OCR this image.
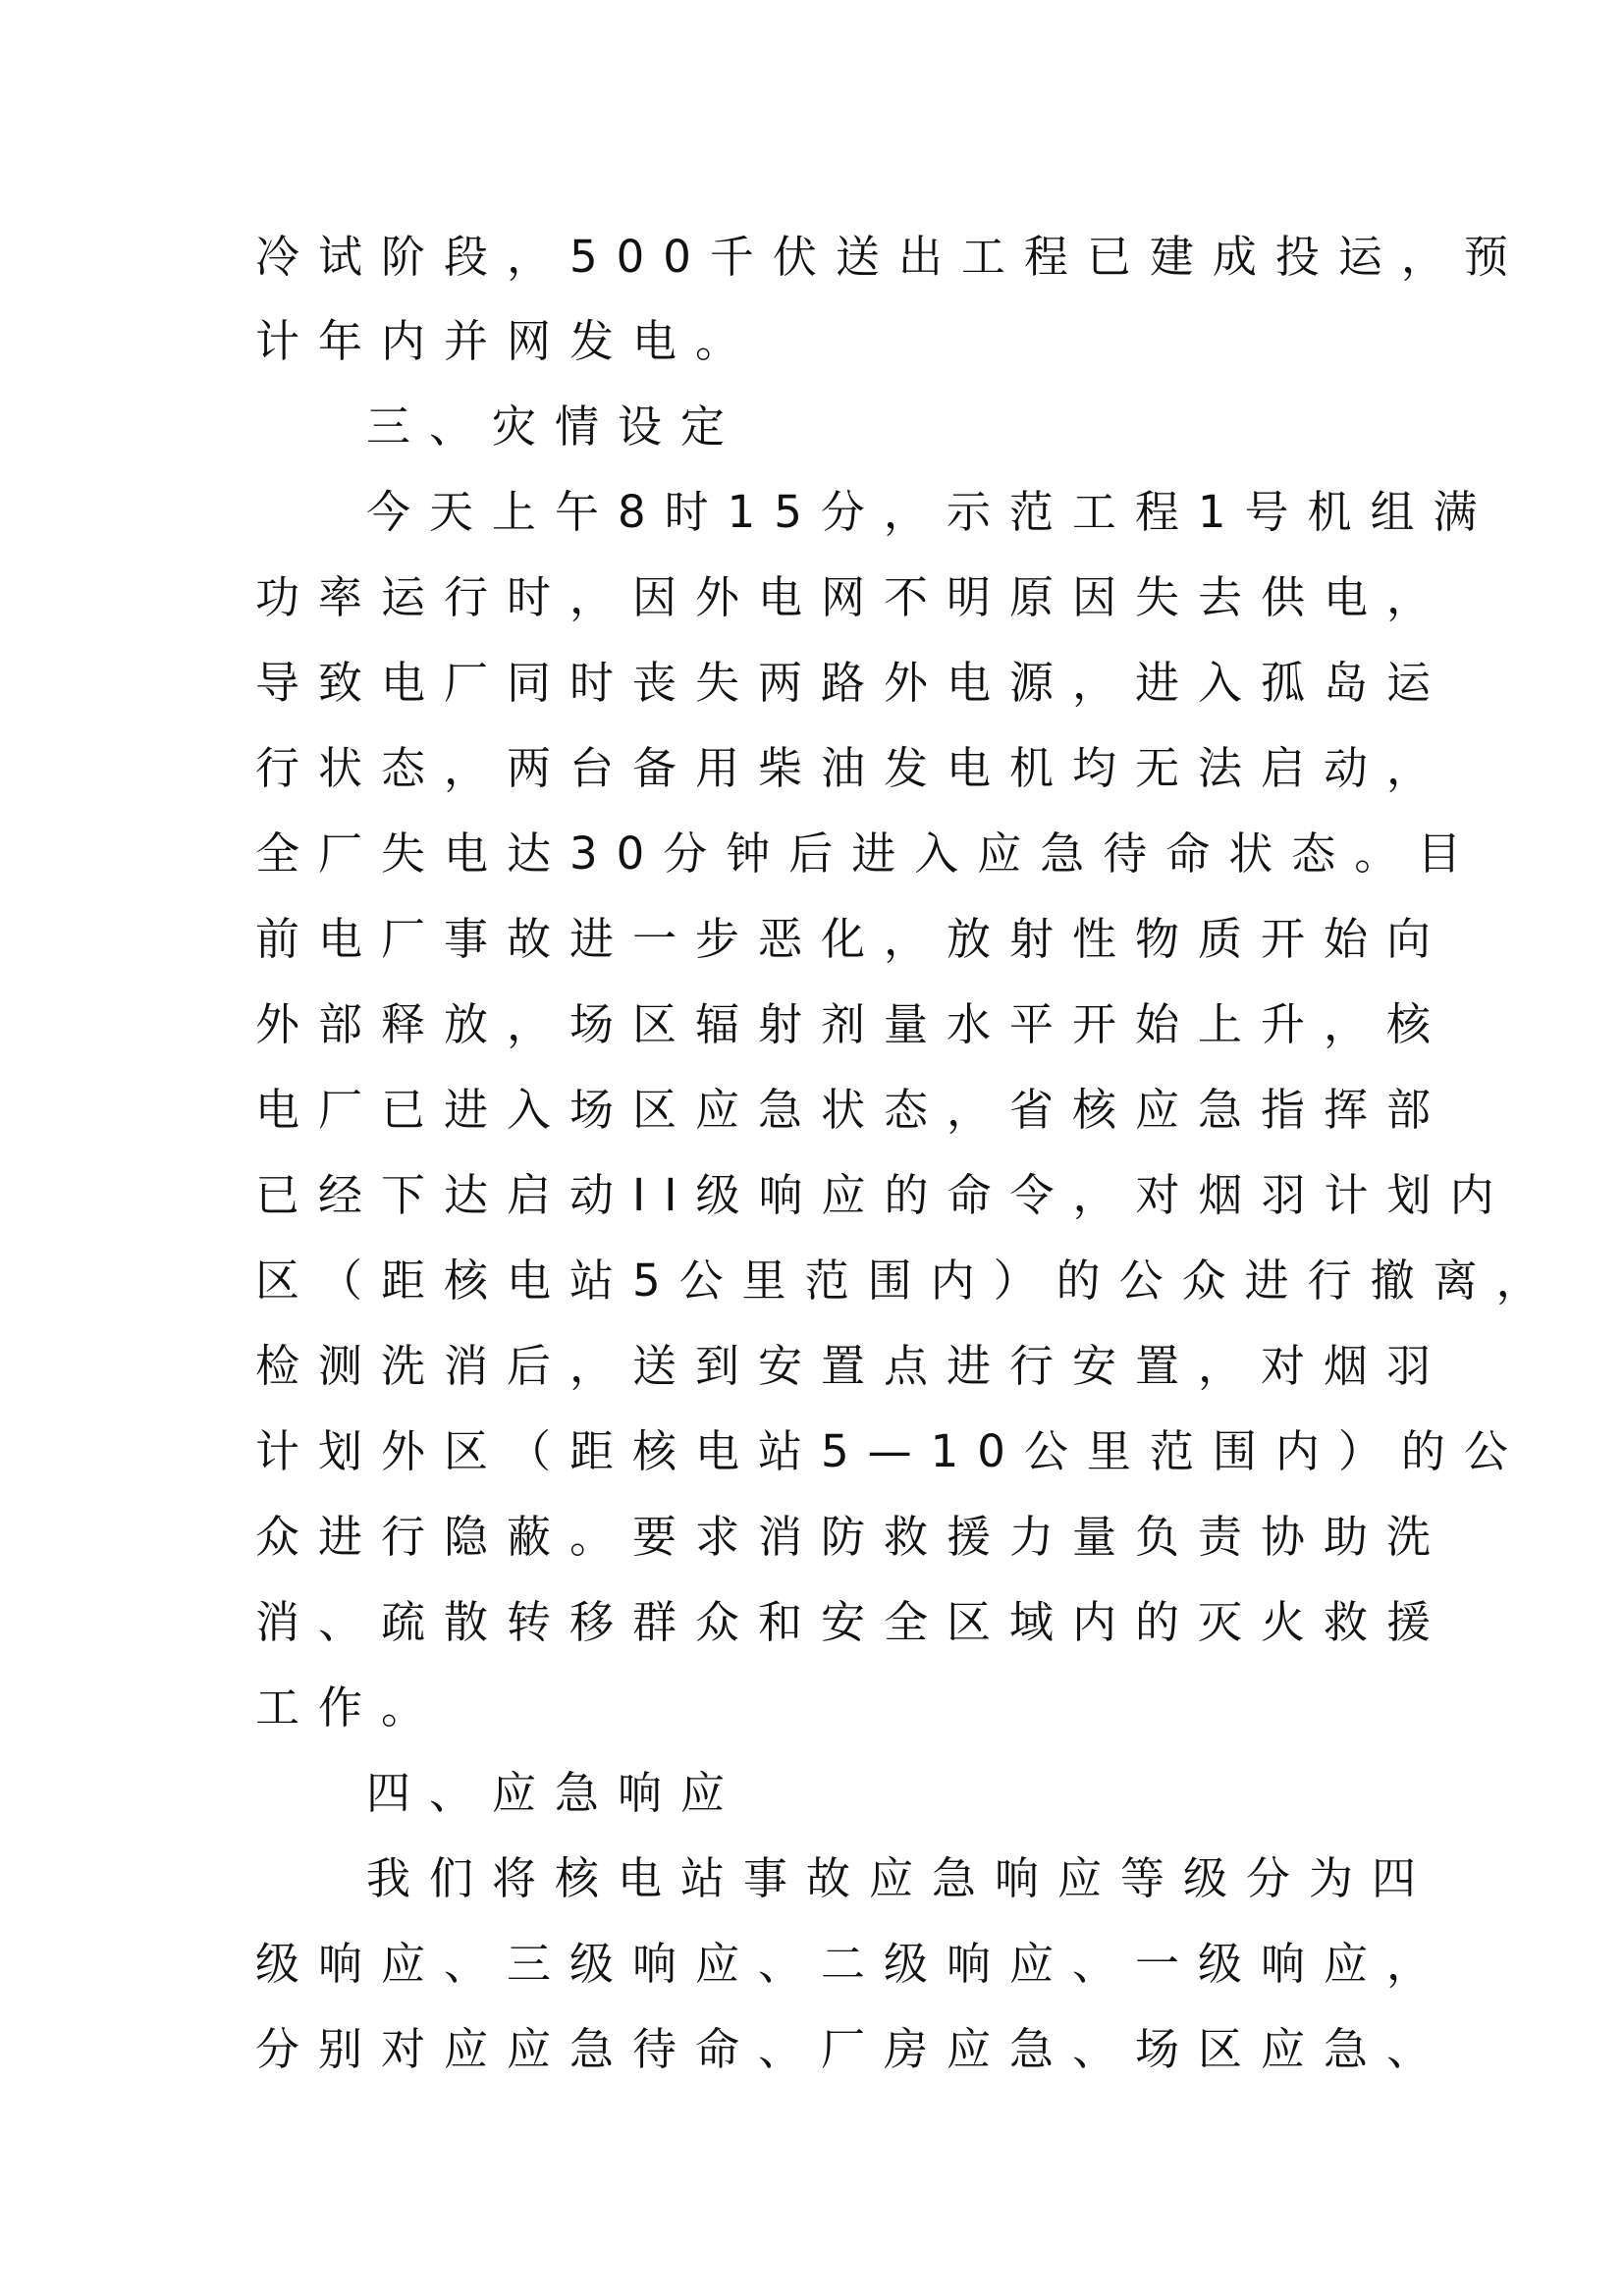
冷试阶段，500千伏送出工程已建成投运，预
计年内并网发电。
三、灾情设定
今天上午8时15分，示范工程1号机组满
功率运行时，因外电网不明原因失去供电，
导致电厂同时丧失两路外电源，进入孤岛运
行状态，两台备用柴油发电机均无法启动，
全厂失电达30分钟后进入应急待命状态。目
前电厂事故进一步恶化，放射性物质开始向
外部释放，场区辐射剂量水平开始上升，核
电厂已进入场区应急状态，省核应急指挥部
已经下达启动II级响应的命令，对烟羽计划内
区（距核电站5公里范围内）的公众进行撤离，
检测洗消后，送到安置点进行安置，对烟羽
计划外区（距核电站5—10公里范围内）的公
众进行隐蔽。要求消防救援力量负责协助洗
消、疏散转移群众和安全区域内的灭火救援
工作。
四、应急响应
我们将核电站事故应急响应等级分为四
级响应、三级响应、二级响应、一级响应，
分别对应应急待命、厂房应急、场区应急、
